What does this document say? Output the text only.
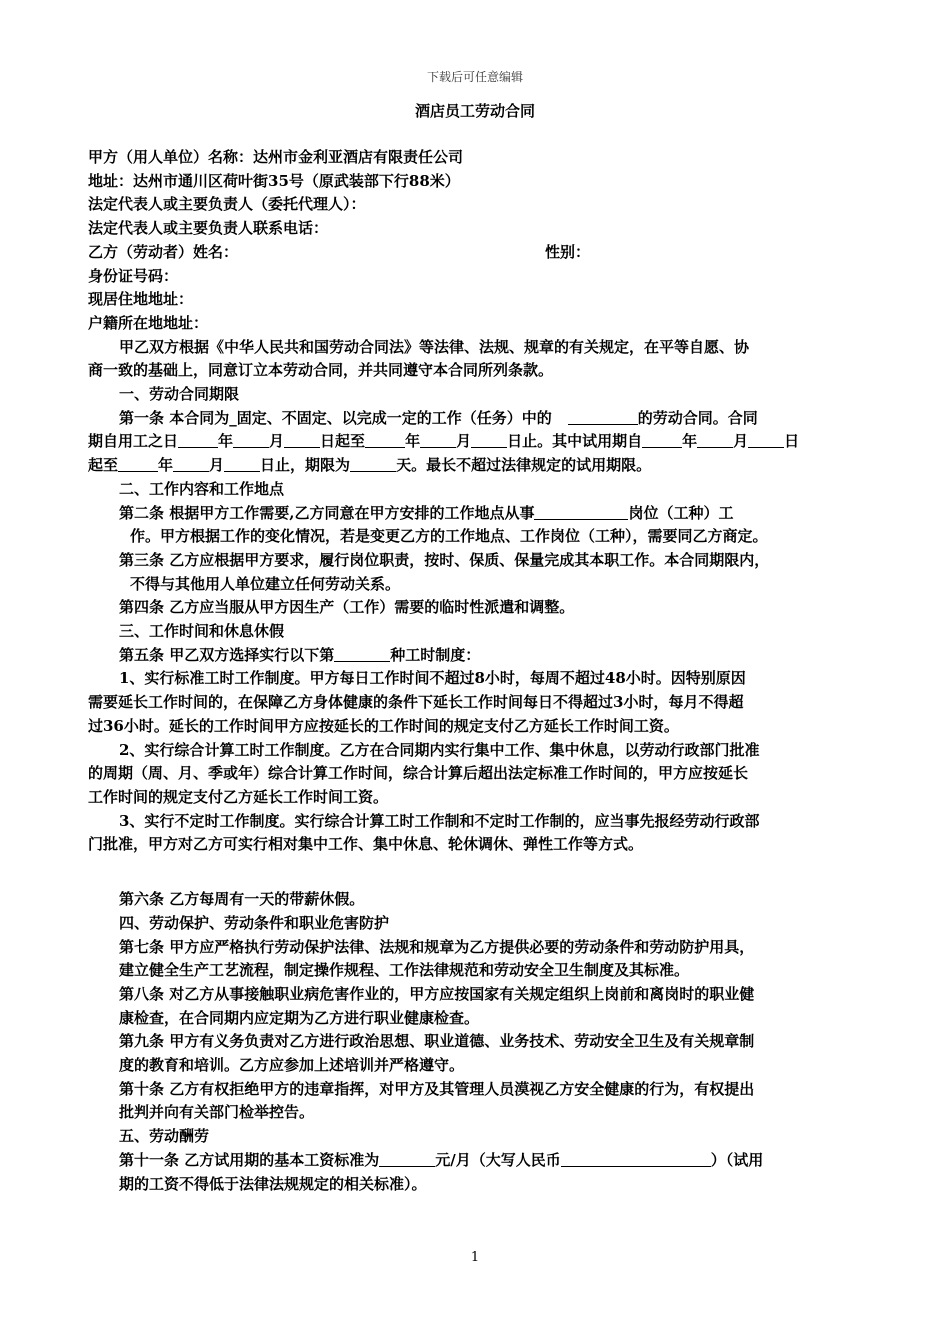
下载后可任意编辑
酒店员工劳动合同
甲方（用人单位）名称：达州市金利亚酒店有限责任公司
地址：达州市通川区荷叶街35号（原武装部下行88米）
法定代表人或主要负责人（委托代理人）：
法定代表人或主要负责人联系电话：
乙方（劳动者）姓名：	性别：
身份证号码：
现居住地地址：
户籍所在地地址：
甲乙双方根据《中华人民共和国劳动合同法》等法律、法规、规章的有关规定，在平等自愿、协
商一致的基础上，同意订立本劳动合同，并共同遵守本合同所列条款。
一、劳动合同期限
第一条 本合同为_固定、不固定、以完成一定的工作（任务）中的	的劳动合同。合同
期自用工之日	年 月 日起至	年 月 日止。其中试用期自	年 月 日
起至	年 月 日止，期限为	天。最长不超过法律规定的试用期限。
二、工作内容和工作地点
第二条 根据甲方工作需要,乙方同意在甲方安排的工作地点从事	岗位（工种）工
作。甲方根据工作的变化情况，若是变更乙方的工作地点、工作岗位（工种），需要同乙方商定。
第三条 乙方应根据甲方要求，履行岗位职责，按时、保质、保量完成其本职工作。本合同期限内，
不得与其他用人单位建立任何劳动关系。
第四条 乙方应当服从甲方因生产（工作）需要的临时性派遣和调整。
三、工作时间和休息休假
第五条 甲乙双方选择实行以下第	种工时制度：
1、实行标准工时工作制度。甲方每日工作时间不超过8小时，每周不超过48小时。因特别原因
需要延长工作时间的，在保障乙方身体健康的条件下延长工作时间每日不得超过3小时，每月不得超
过36小时。延长的工作时间甲方应按延长的工作时间的规定支付乙方延长工作时间工资。
2、实行综合计算工时工作制度。乙方在合同期内实行集中工作、集中休息，以劳动行政部门批准
的周期（周、月、季或年）综合计算工作时间，综合计算后超出法定标准工作时间的，甲方应按延长
工作时间的规定支付乙方延长工作时间工资。
3、实行不定时工作制度。实行综合计算工时工作制和不定时工作制的，应当事先报经劳动行政部
门批准，甲方对乙方可实行相对集中工作、集中休息、轮休调休、弹性工作等方式。
第六条 乙方每周有一天的带薪休假。
四、劳动保护、劳动条件和职业危害防护
第七条 甲方应严格执行劳动保护法律、法规和规章为乙方提供必要的劳动条件和劳动防护用具，
建立健全生产工艺流程，制定操作规程、工作法律规范和劳动安全卫生制度及其标准。
第八条 对乙方从事接触职业病危害作业的，甲方应按国家有关规定组织上岗前和离岗时的职业健
康检查，在合同期内应定期为乙方进行职业健康检查。
第九条 甲方有义务负责对乙方进行政治思想、职业道德、业务技术、劳动安全卫生及有关规章制
度的教育和培训。乙方应参加上述培训并严格遵守。
第十条 乙方有权拒绝甲方的违章指挥，对甲方及其管理人员漠视乙方安全健康的行为，有权提出
批判并向有关部门检举控告。
五、劳动酬劳
第十一条 乙方试用期的基本工资标准为	元/月（大写人民币	）（试用
期的工资不得低于法律法规规定的相关标准）。
1
